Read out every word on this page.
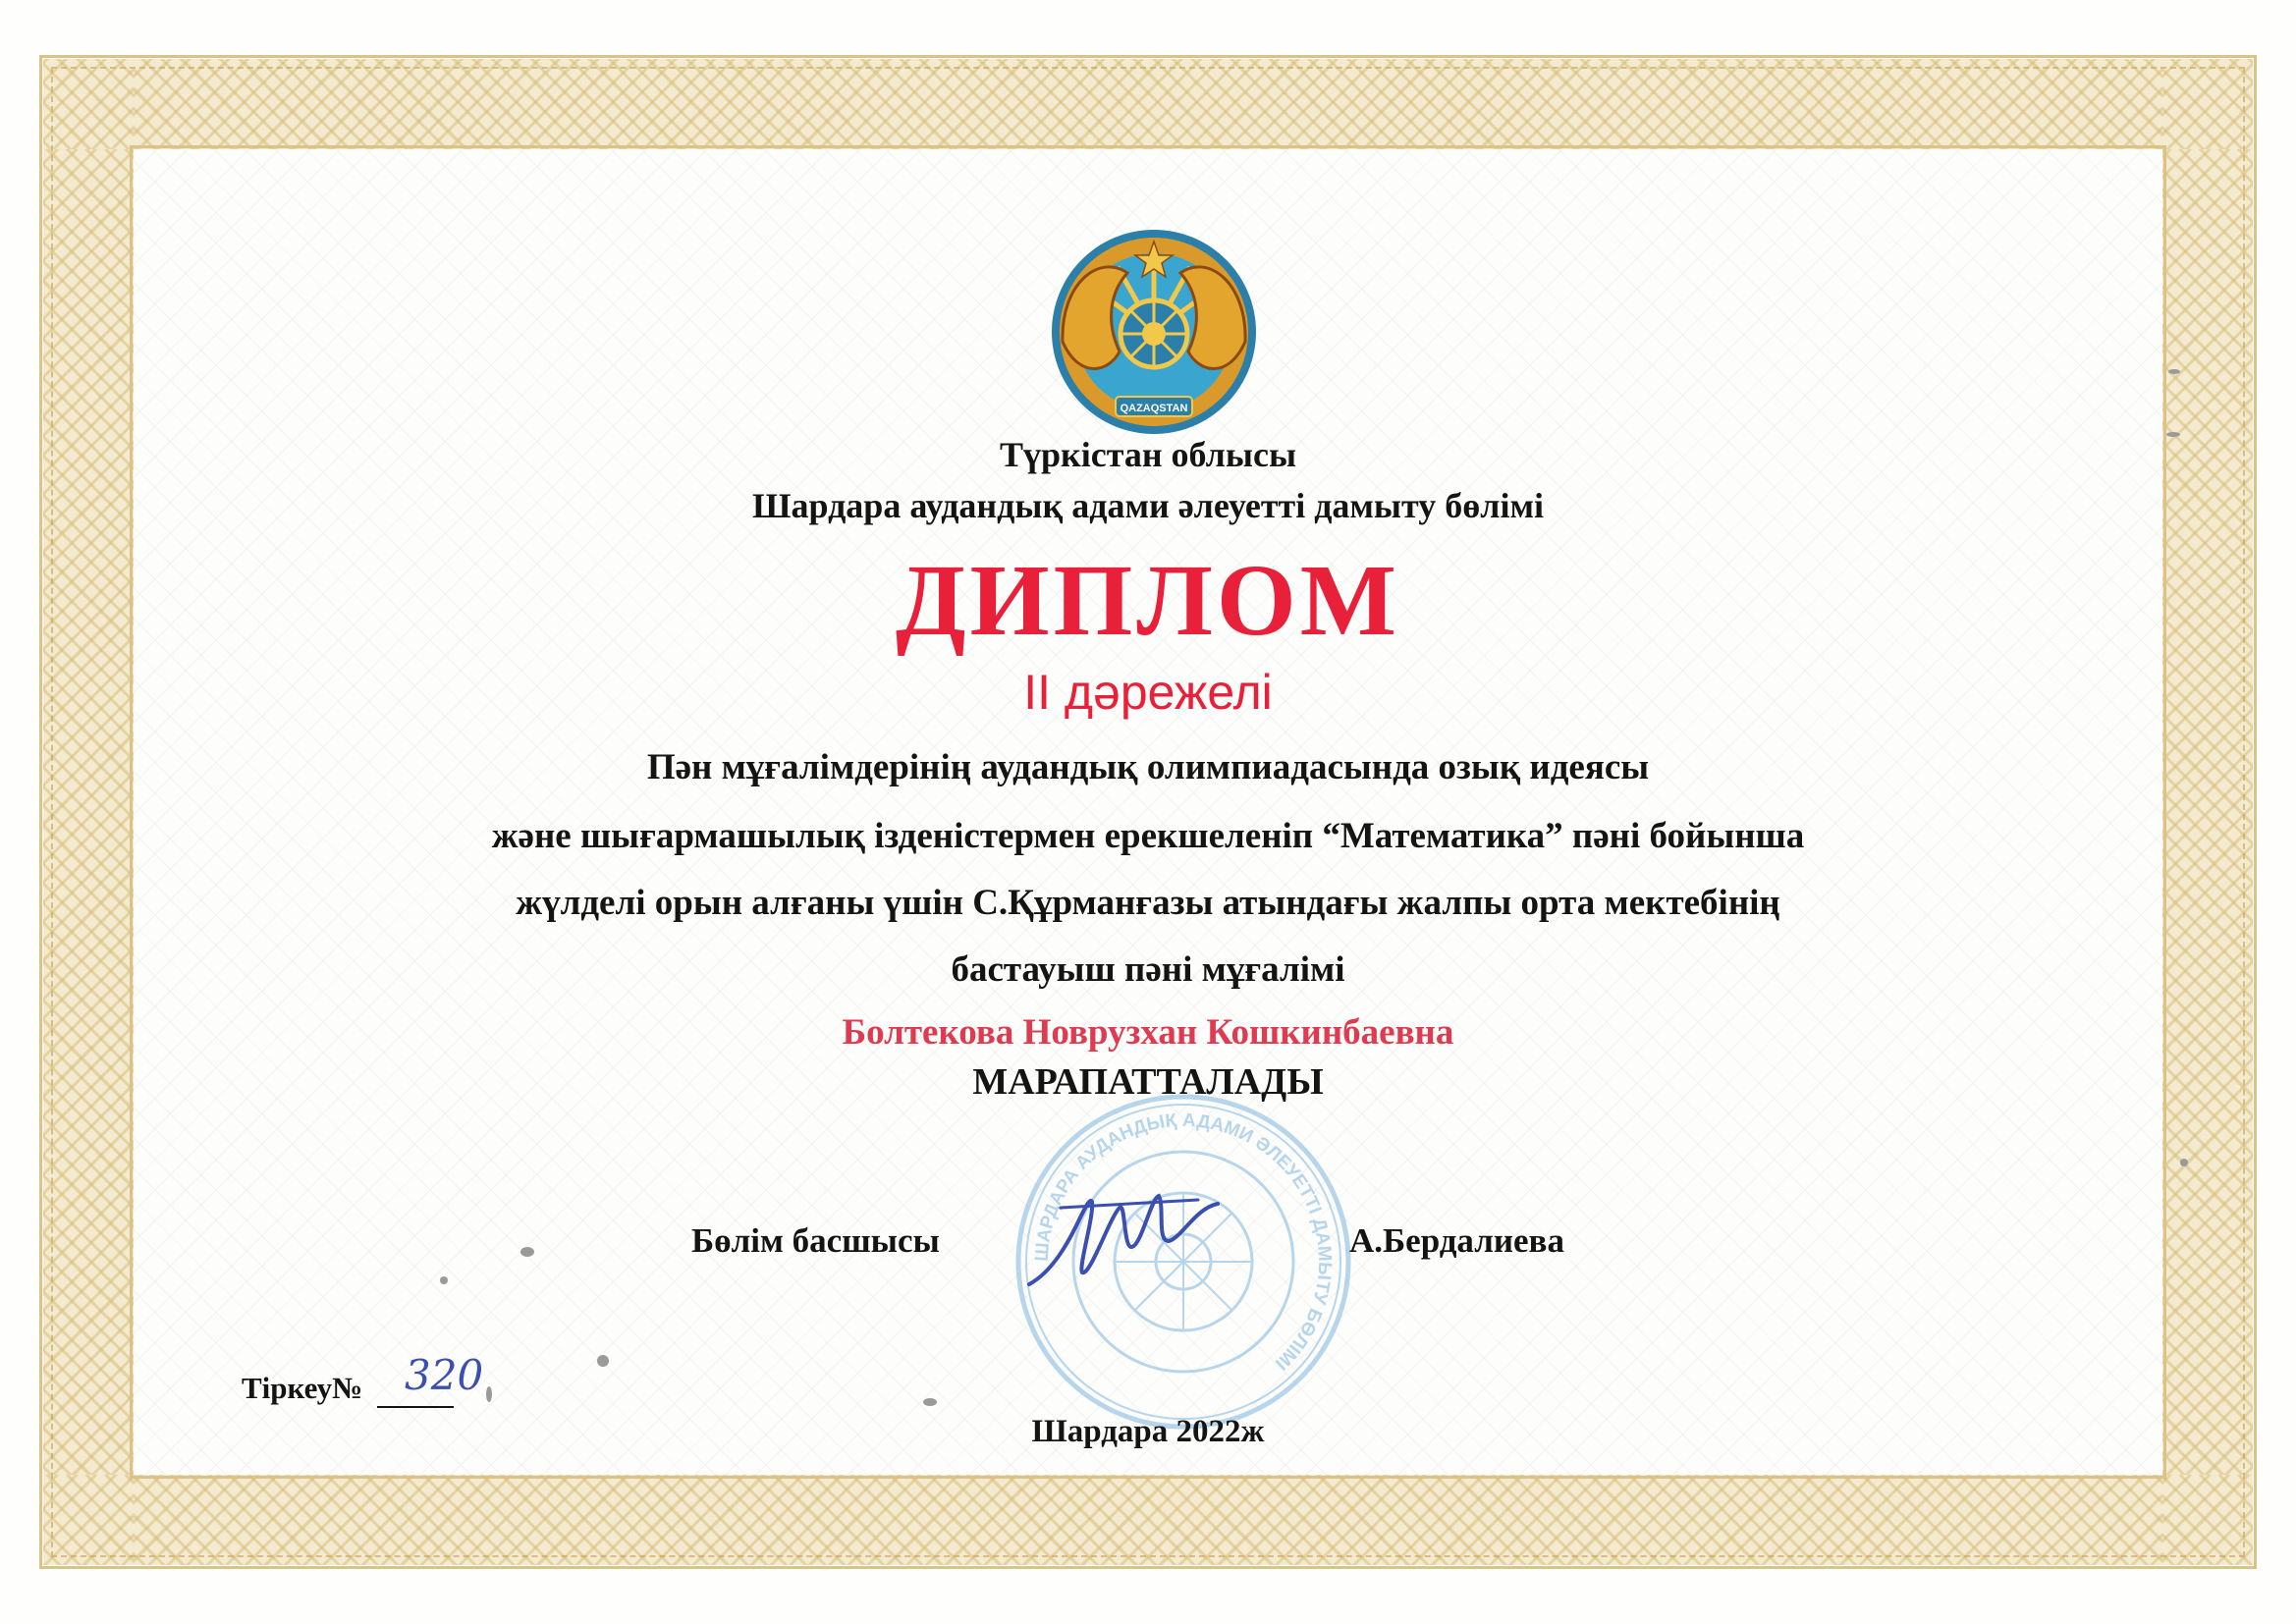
QAZAQSTAN
Түркістан облысы
Шардара аудандық адами әлеуетті дамыту бөлімі
ДИПЛОМ
II дәрежелі
Пән мұғалімдерінің аудандық олимпиадасында озық идеясы
және шығармашылық ізденістермен ерекшеленіп “Математика” пәні бойынша
жүлделі орын алғаны үшін С.Құрманғазы атындағы жалпы орта мектебінің
бастауыш пәні мұғалімі
Болтекова Новрузхан Кошкинбаевна
МАРАПАТТАЛАДЫ
ШАРДАРА АУДАНДЫҚ АДАМИ ӘЛЕУЕТТІ ДАМЫТУ БӨЛІМІ
Бөлім басшысы	А.Бердалиева
Тіркеу№ 320
Шардара 2022ж
